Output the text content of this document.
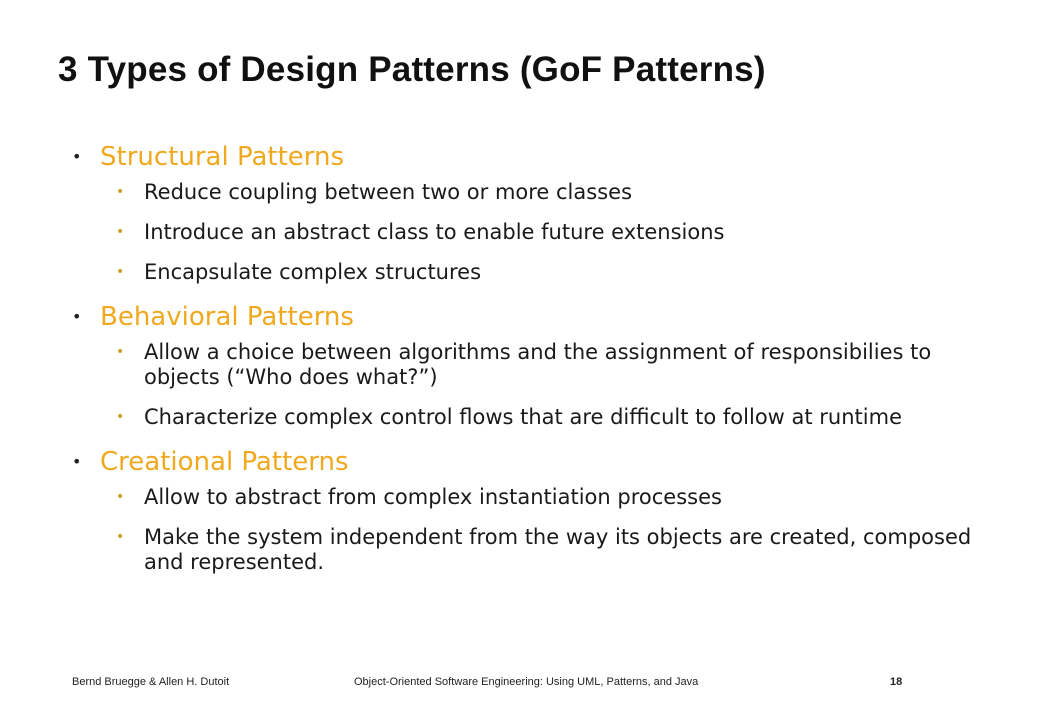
3 Types of Design Patterns (GoF Patterns)
• Structural Patterns
• Reduce coupling between two or more classes
• Introduce an abstract class to enable future extensions
• Encapsulate complex structures
• Behavioral Patterns
• Allow a choice between algorithms and the assignment of responsibilies to objects (“Who does what?”)
• Characterize complex control flows that are difficult to follow at runtime
• Creational Patterns
• Allow to abstract from complex instantiation processes
• Make the system independent from the way its objects are created, composed and represented.
Bernd Bruegge & Allen H. Dutoit	Object-Oriented Software Engineering: Using UML, Patterns, and Java	18
